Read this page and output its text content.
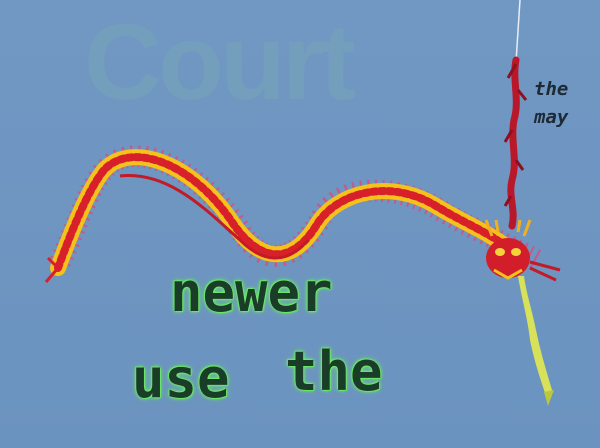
Court	the

may

newer

use the
